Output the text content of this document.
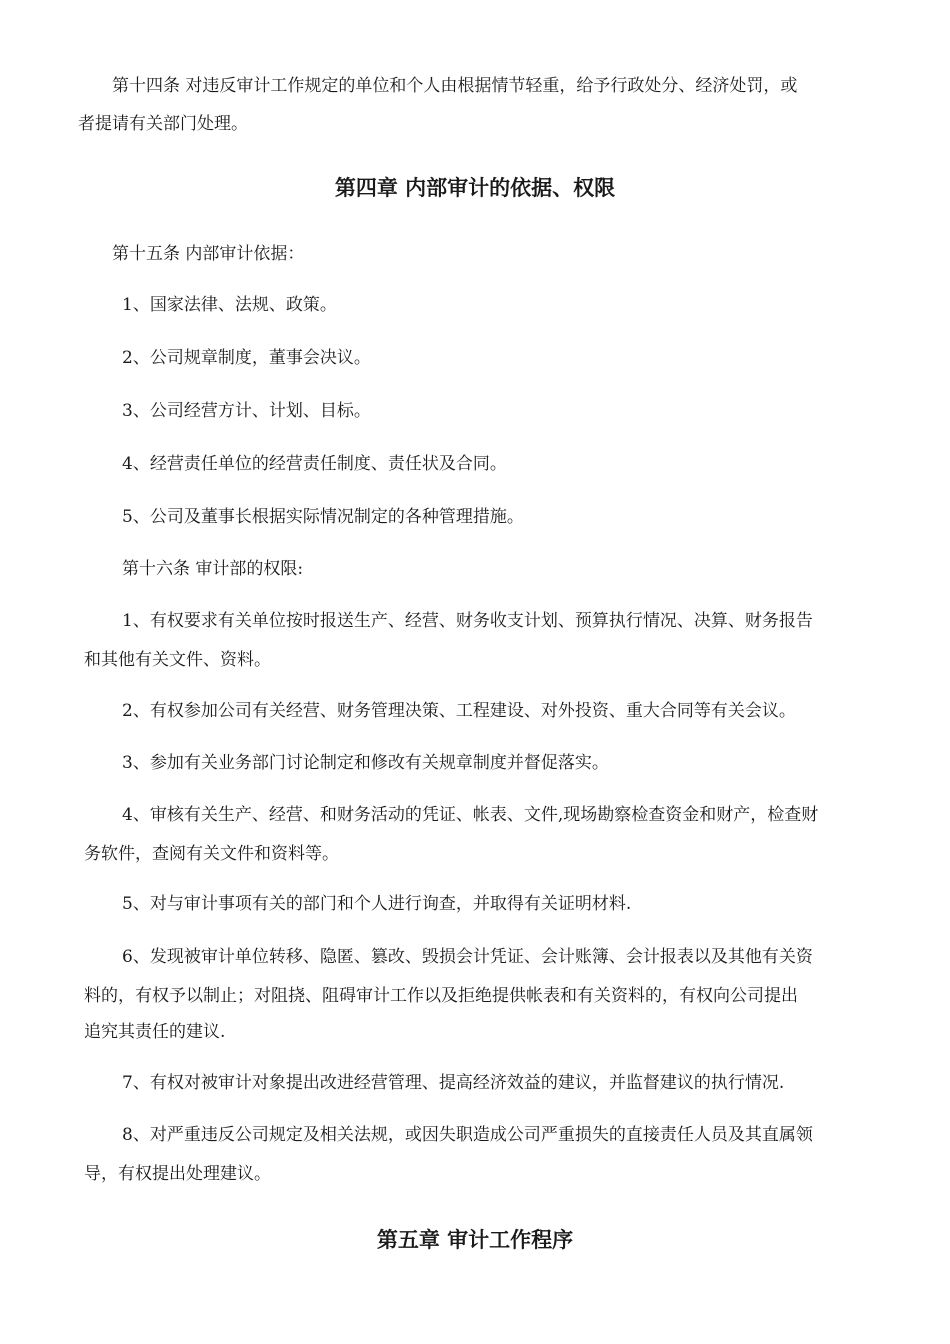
第十四条 对违反审计工作规定的单位和个人由根据情节轻重，给予行政处分、经济处罚，或
者提请有关部门处理。
第四章 内部审计的依据、权限
第十五条 内部审计依据：
1、国家法律、法规、政策。
2、公司规章制度，董事会决议。
3、公司经营方计、计划、目标。
4、经营责任单位的经营责任制度、责任状及合同。
5、公司及董事长根据实际情况制定的各种管理措施。
第十六条 审计部的权限:
1、有权要求有关单位按时报送生产、经营、财务收支计划、预算执行情况、决算、财务报告
和其他有关文件、资料。
2、有权参加公司有关经营、财务管理决策、工程建设、对外投资、重大合同等有关会议。
3、参加有关业务部门讨论制定和修改有关规章制度并督促落实。
4、审核有关生产、经营、和财务活动的凭证、帐表、文件,现场勘察检查资金和财产，检查财
务软件，查阅有关文件和资料等。
5、对与审计事项有关的部门和个人进行询查，并取得有关证明材料.
6、发现被审计单位转移、隐匿、篡改、毁损会计凭证、会计账簿、会计报表以及其他有关资
料的，有权予以制止；对阻挠、阻碍审计工作以及拒绝提供帐表和有关资料的，有权向公司提出
追究其责任的建议.
7、有权对被审计对象提出改进经营管理、提高经济效益的建议，并监督建议的执行情况.
8、对严重违反公司规定及相关法规，或因失职造成公司严重损失的直接责任人员及其直属领
导，有权提出处理建议。
第五章 审计工作程序
